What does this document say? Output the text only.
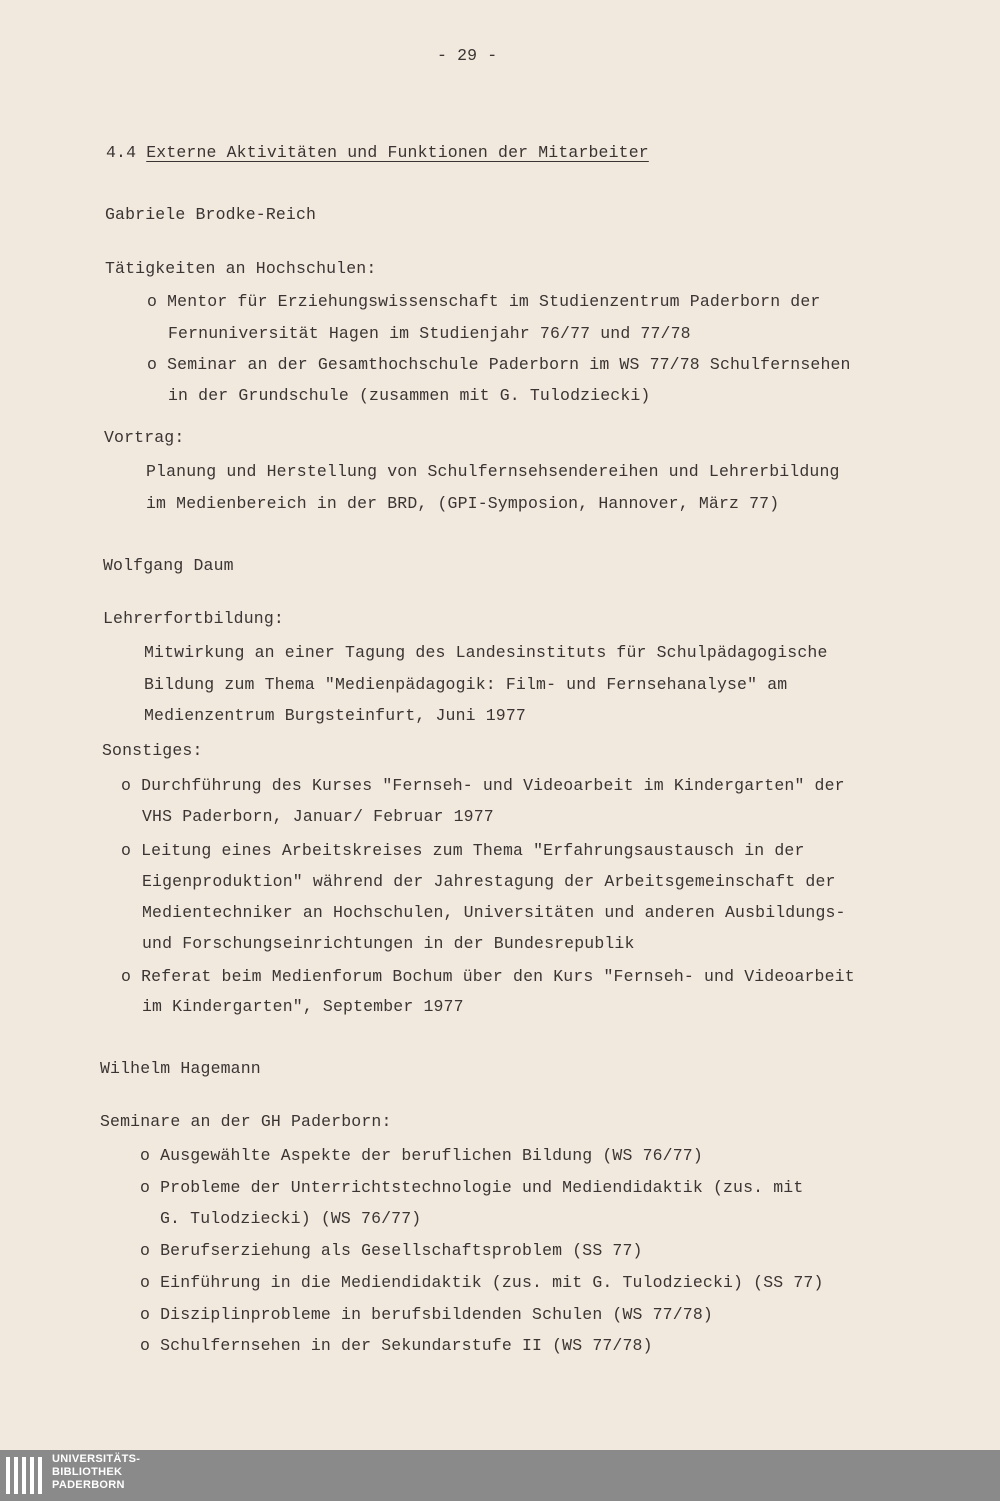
- 29 -
4.4 Externe Aktivitäten und Funktionen der Mitarbeiter
Gabriele Brodke-Reich
Tätigkeiten an Hochschulen:
o Mentor für Erziehungswissenschaft im Studienzentrum Paderborn der
Fernuniversität Hagen im Studienjahr 76/77 und 77/78
o Seminar an der Gesamthochschule Paderborn im WS 77/78 Schulfernsehen
in der Grundschule (zusammen mit G. Tulodziecki)
Vortrag:
Planung und Herstellung von Schulfernsehsendereihen und Lehrerbildung
im Medienbereich in der BRD, (GPI-Symposion, Hannover, März 77)
Wolfgang Daum
Lehrerfortbildung:
Mitwirkung an einer Tagung des Landesinstituts für Schulpädagogische
Bildung zum Thema "Medienpädagogik: Film- und Fernsehanalyse" am
Medienzentrum Burgsteinfurt, Juni 1977
Sonstiges:
o Durchführung des Kurses "Fernseh- und Videoarbeit im Kindergarten" der
VHS Paderborn, Januar/ Februar 1977
o Leitung eines Arbeitskreises zum Thema "Erfahrungsaustausch in der
Eigenproduktion" während der Jahrestagung der Arbeitsgemeinschaft der
Medientechniker an Hochschulen, Universitäten und anderen Ausbildungs-
und Forschungseinrichtungen in der Bundesrepublik
o Referat beim Medienforum Bochum über den Kurs "Fernseh- und Videoarbeit
im Kindergarten", September 1977
Wilhelm Hagemann
Seminare an der GH Paderborn:
o Ausgewählte Aspekte der beruflichen Bildung (WS 76/77)
o Probleme der Unterrichtstechnologie und Mediendidaktik (zus. mit
G. Tulodziecki) (WS 76/77)
o Berufserziehung als Gesellschaftsproblem (SS 77)
o Einführung in die Mediendidaktik (zus. mit G. Tulodziecki) (SS 77)
o Disziplinprobleme in berufsbildenden Schulen (WS 77/78)
o Schulfernsehen in der Sekundarstufe II (WS 77/78)
UNIVERSITÄTS-
BIBLIOTHEK
PADERBORN
